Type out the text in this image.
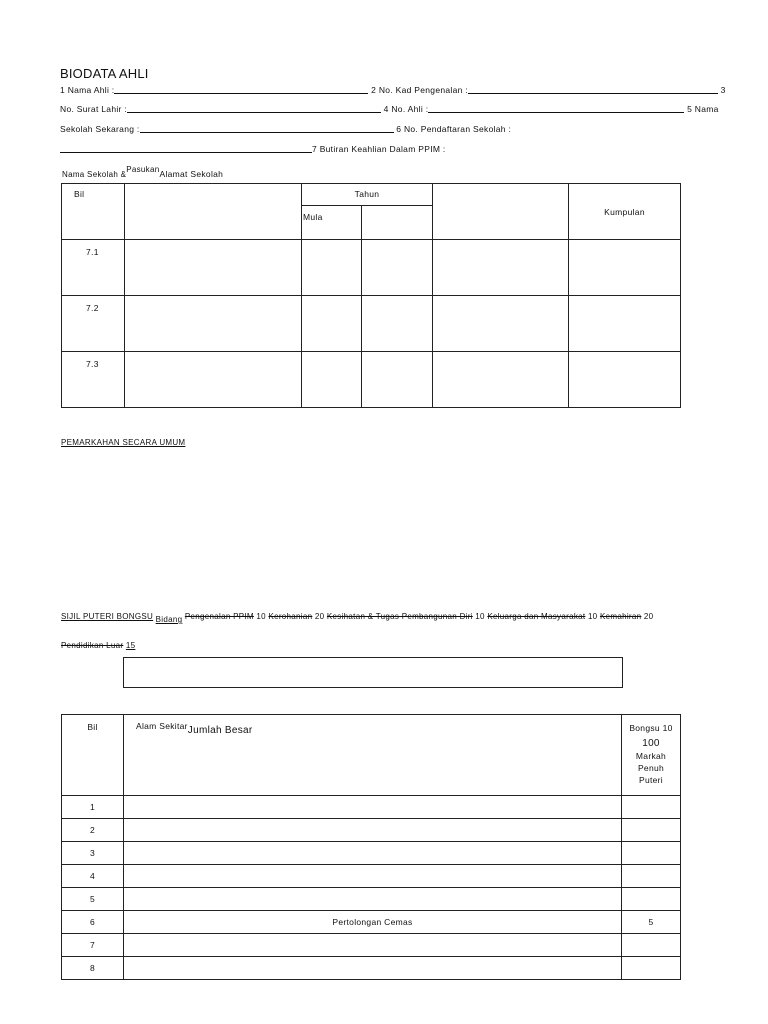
BIODATA AHLI
1 Nama Ahli :	2 No. Kad Pengenalan :	3
No. Surat Lahir :	4 No. Ahli :	5 Nama
Sekolah Sekarang :	6 No. Pendaftaran Sekolah :
7 Butiran Keahlian Dalam PPIM :
Nama Sekolah &PasukanAlamat Sekolah
Bil		Tahun			Kumpulan
		Mula			
7.1					
7.2					
7.3					
PEMARKAHAN SECARA UMUM
SIJIL PUTERI BONGSU Bidang Pengenalan PPIM 10 Kerohanian 20 Kesihatan & Tugas Pembangunan Diri 10 Keluarga dan Masyarakat 10 Kemahiran 20
Pendidikan Luar 15
Bil	Alam SekitarJumlah Besar	Bongsu 10
100
Markah
Penuh
Puteri

1		
2		
3		
4		
5		
6	Pertolongan Cemas	5
7		
8		
